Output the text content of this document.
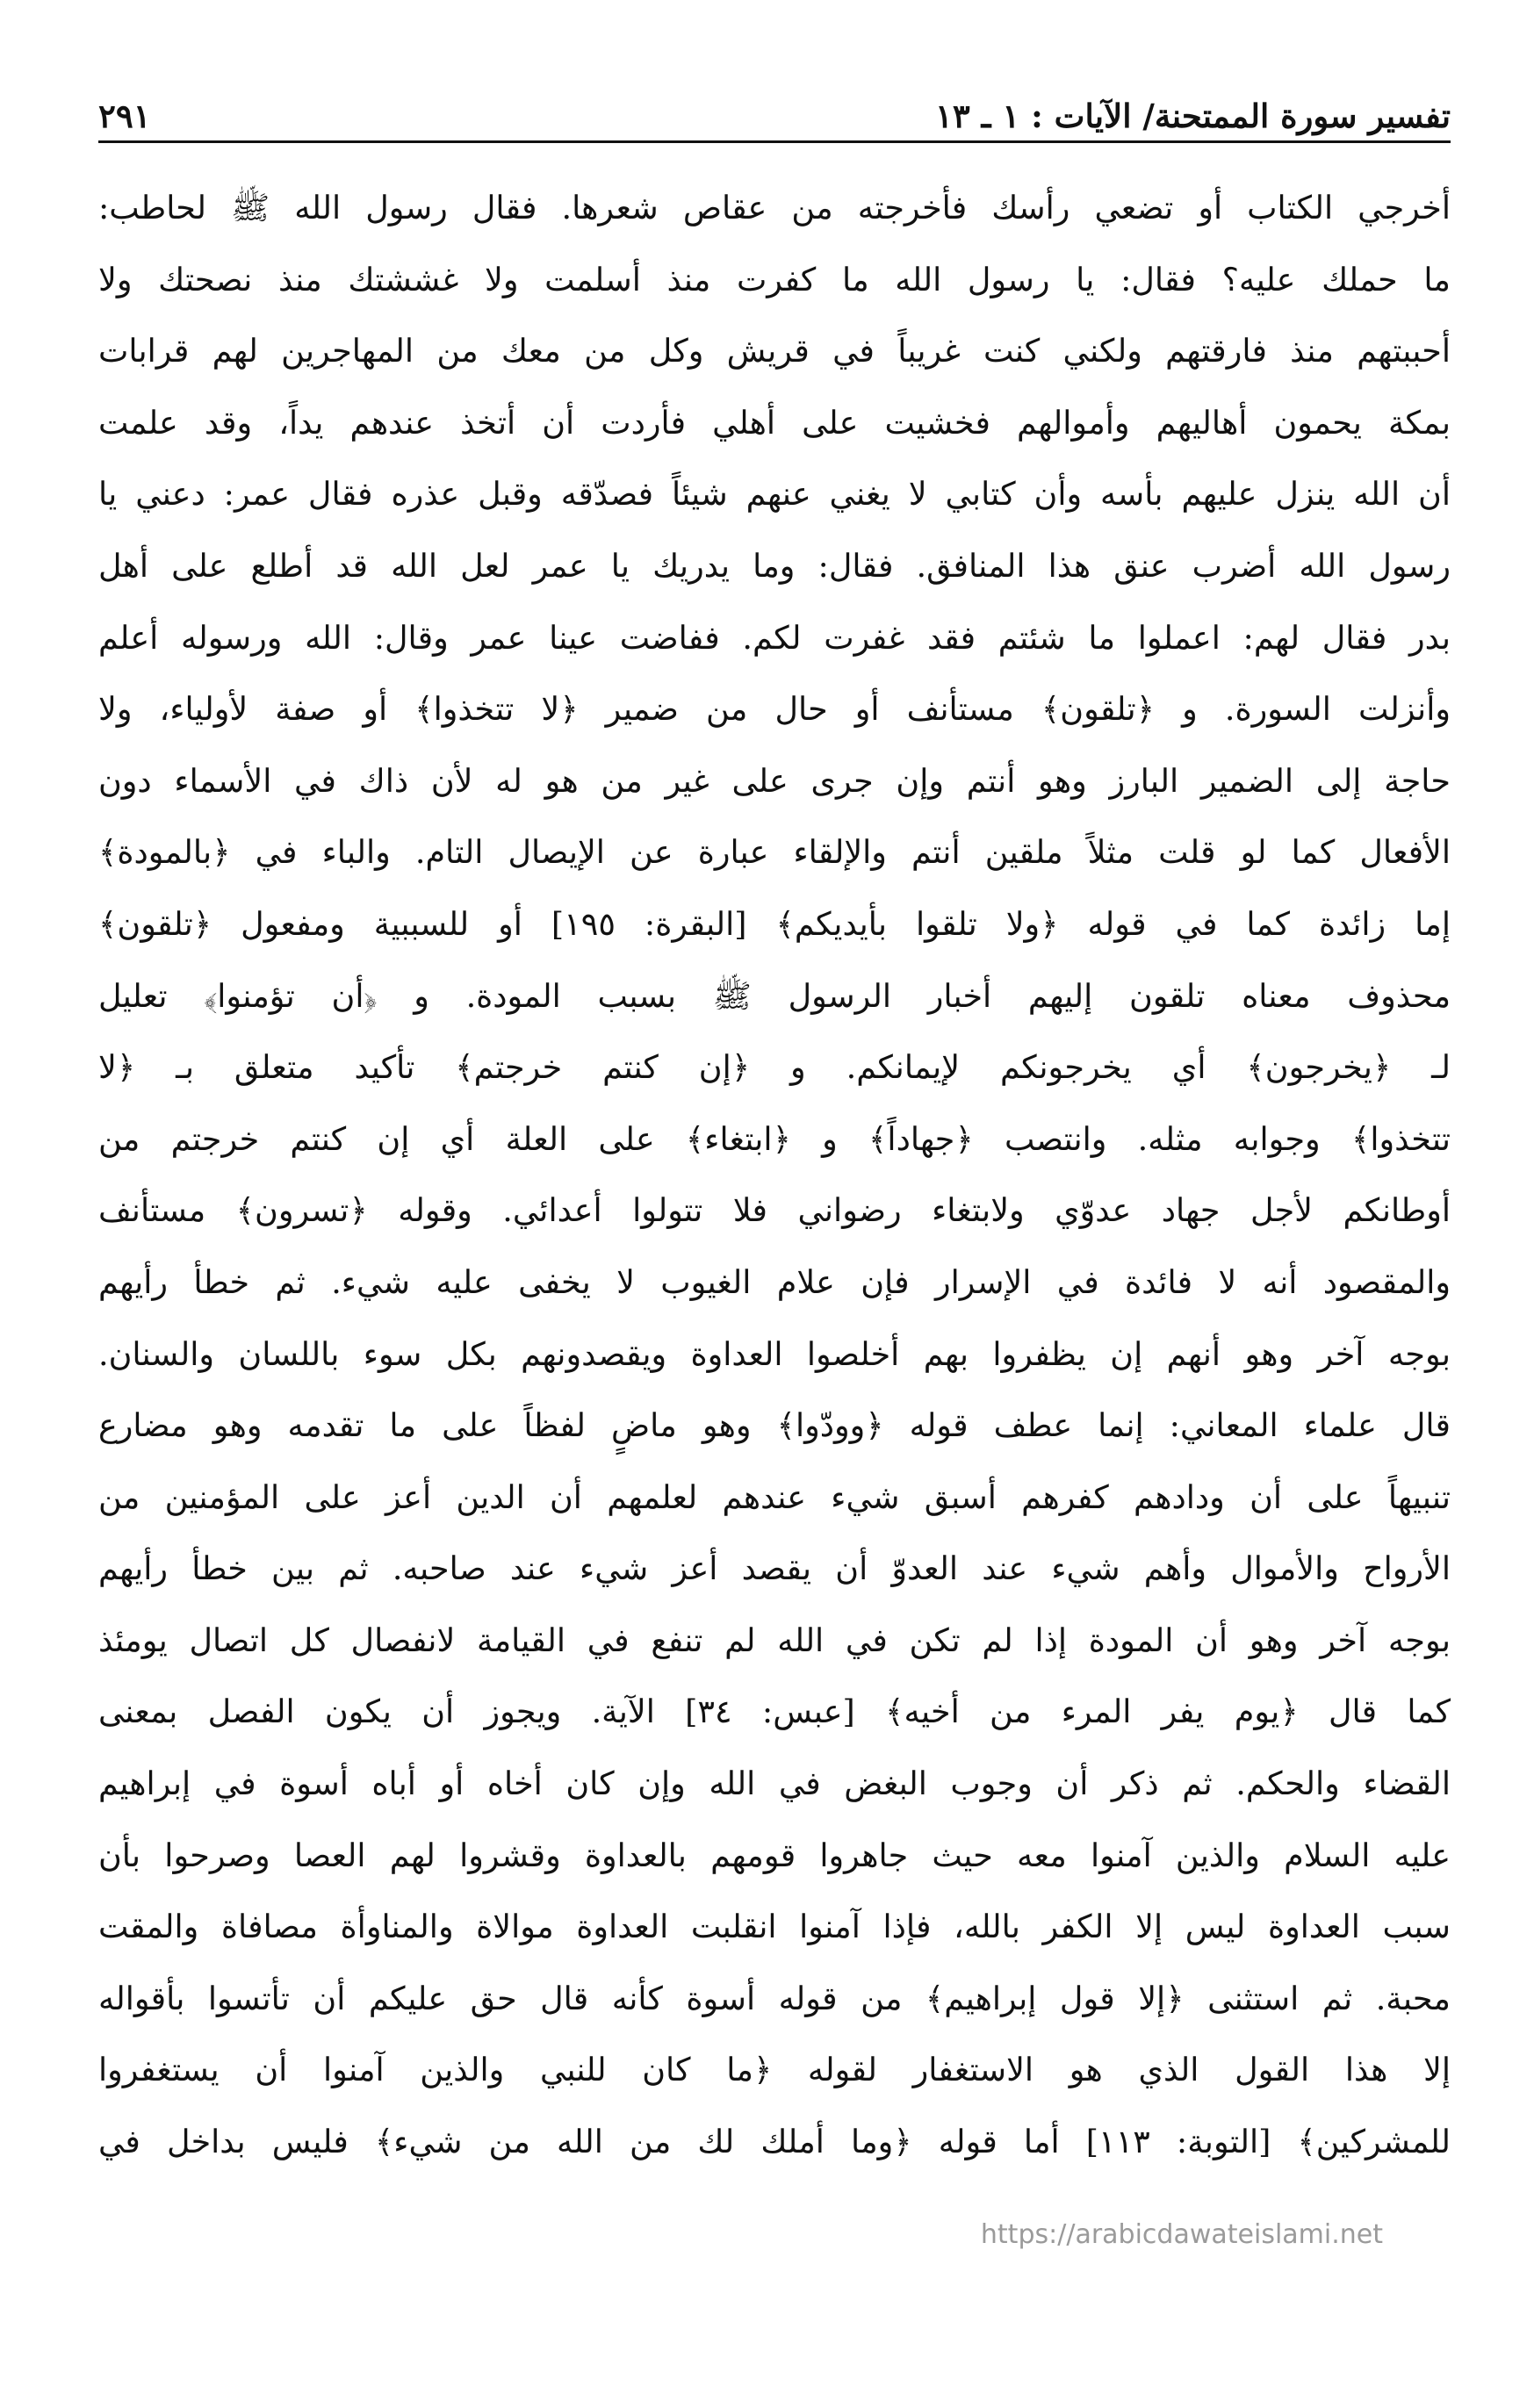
تفسير سورة الممتحنة/ الآيات : ١ ـ ١٣
٢٩١
أخرجي الكتاب أو تضعي رأسك فأخرجته من عقاص شعرها. فقال رسول الله ﷺ لحاطب:
ما حملك عليه؟ فقال: يا رسول الله ما كفرت منذ أسلمت ولا غششتك منذ نصحتك ولا
أحببتهم منذ فارقتهم ولكني كنت غريباً في قريش وكل من معك من المهاجرين لهم قرابات
بمكة يحمون أهاليهم وأموالهم فخشيت على أهلي فأردت أن أتخذ عندهم يداً، وقد علمت
أن الله ينزل عليهم بأسه وأن كتابي لا يغني عنهم شيئاً فصدّقه وقبل عذره فقال عمر: دعني يا
رسول الله أضرب عنق هذا المنافق. فقال: وما يدريك يا عمر لعل الله قد أطلع على أهل
بدر فقال لهم: اعملوا ما شئتم فقد غفرت لكم. ففاضت عينا عمر وقال: الله ورسوله أعلم
وأنزلت السورة. و ﴿تلقون﴾ مستأنف أو حال من ضمير ﴿لا تتخذوا﴾ أو صفة لأولياء، ولا
حاجة إلى الضمير البارز وهو أنتم وإن جرى على غير من هو له لأن ذاك في الأسماء دون
الأفعال كما لو قلت مثلاً ملقين أنتم والإلقاء عبارة عن الإيصال التام. والباء في ﴿بالمودة﴾
إما زائدة كما في قوله ﴿ولا تلقوا بأيديكم﴾ [البقرة: ١٩٥] أو للسببية ومفعول ﴿تلقون﴾
محذوف معناه تلقون إليهم أخبار الرسول ﷺ بسبب المودة. و ﴿أن تؤمنوا﴾ تعليل
لـ ﴿يخرجون﴾ أي يخرجونكم لإيمانكم. و ﴿إن كنتم خرجتم﴾ تأكيد متعلق بـ ﴿لا
تتخذوا﴾ وجوابه مثله. وانتصب ﴿جهاداً﴾ و ﴿ابتغاء﴾ على العلة أي إن كنتم خرجتم من
أوطانكم لأجل جهاد عدوّي ولابتغاء رضواني فلا تتولوا أعدائي. وقوله ﴿تسرون﴾ مستأنف
والمقصود أنه لا فائدة في الإسرار فإن علام الغيوب لا يخفى عليه شيء. ثم خطأ رأيهم
بوجه آخر وهو أنهم إن يظفروا بهم أخلصوا العداوة ويقصدونهم بكل سوء باللسان والسنان.
قال علماء المعاني: إنما عطف قوله ﴿وودّوا﴾ وهو ماضٍ لفظاً على ما تقدمه وهو مضارع
تنبيهاً على أن ودادهم كفرهم أسبق شيء عندهم لعلمهم أن الدين أعز على المؤمنين من
الأرواح والأموال وأهم شيء عند العدوّ أن يقصد أعز شيء عند صاحبه. ثم بين خطأ رأيهم
بوجه آخر وهو أن المودة إذا لم تكن في الله لم تنفع في القيامة لانفصال كل اتصال يومئذ
كما قال ﴿يوم يفر المرء من أخيه﴾ [عبس: ٣٤] الآية. ويجوز أن يكون الفصل بمعنى
القضاء والحكم. ثم ذكر أن وجوب البغض في الله وإن كان أخاه أو أباه أسوة في إبراهيم
عليه السلام والذين آمنوا معه حيث جاهروا قومهم بالعداوة وقشروا لهم العصا وصرحوا بأن
سبب العداوة ليس إلا الكفر بالله، فإذا آمنوا انقلبت العداوة موالاة والمناوأة مصافاة والمقت
محبة. ثم استثنى ﴿إلا قول إبراهيم﴾ من قوله أسوة كأنه قال حق عليكم أن تأتسوا بأقواله
إلا هذا القول الذي هو الاستغفار لقوله ﴿ما كان للنبي والذين آمنوا أن يستغفروا
للمشركين﴾ [التوبة: ١١٣] أما قوله ﴿وما أملك لك من الله من شيء﴾ فليس بداخل في
https://arabicdawateislami.net
